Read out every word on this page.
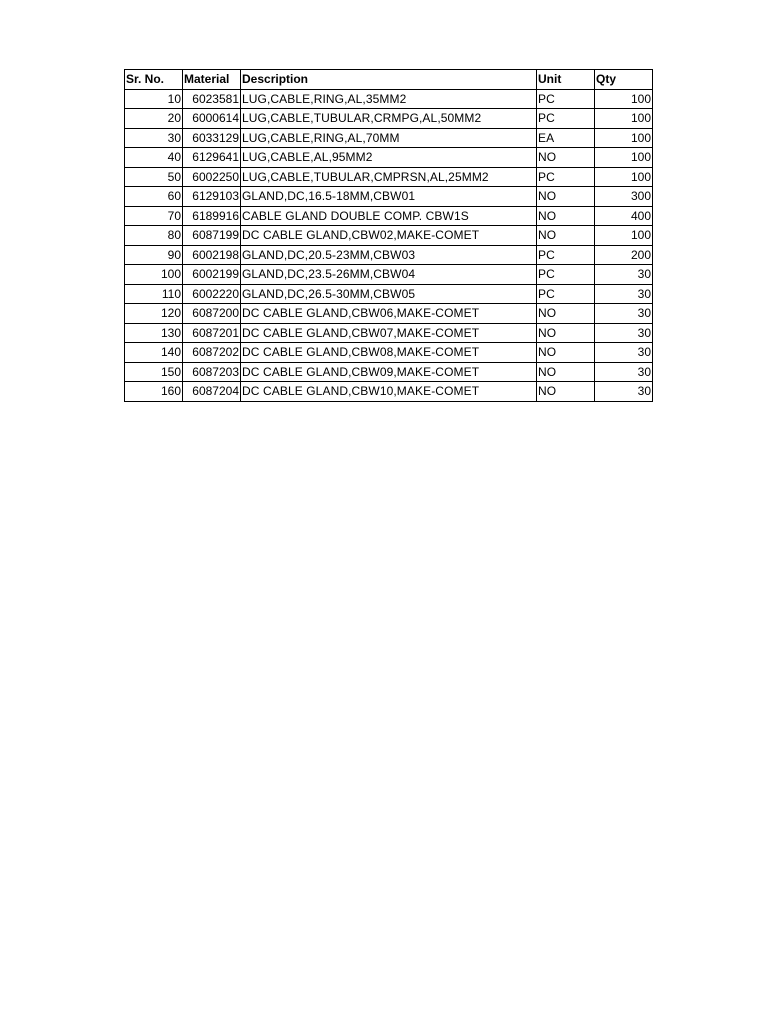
Sr. No.	Material	Description	Unit	Qty
10	6023581	LUG,CABLE,RING,AL,35MM2	PC	100
20	6000614	LUG,CABLE,TUBULAR,CRMPG,AL,50MM2	PC	100
30	6033129	LUG,CABLE,RING,AL,70MM	EA	100
40	6129641	LUG,CABLE,AL,95MM2	NO	100
50	6002250	LUG,CABLE,TUBULAR,CMPRSN,AL,25MM2	PC	100
60	6129103	GLAND,DC,16.5-18MM,CBW01	NO	300
70	6189916	CABLE GLAND DOUBLE COMP. CBW1S	NO	400
80	6087199	DC CABLE GLAND,CBW02,MAKE-COMET	NO	100
90	6002198	GLAND,DC,20.5-23MM,CBW03	PC	200
100	6002199	GLAND,DC,23.5-26MM,CBW04	PC	30
110	6002220	GLAND,DC,26.5-30MM,CBW05	PC	30
120	6087200	DC CABLE GLAND,CBW06,MAKE-COMET	NO	30
130	6087201	DC CABLE GLAND,CBW07,MAKE-COMET	NO	30
140	6087202	DC CABLE GLAND,CBW08,MAKE-COMET	NO	30
150	6087203	DC CABLE GLAND,CBW09,MAKE-COMET	NO	30
160	6087204	DC CABLE GLAND,CBW10,MAKE-COMET	NO	30
